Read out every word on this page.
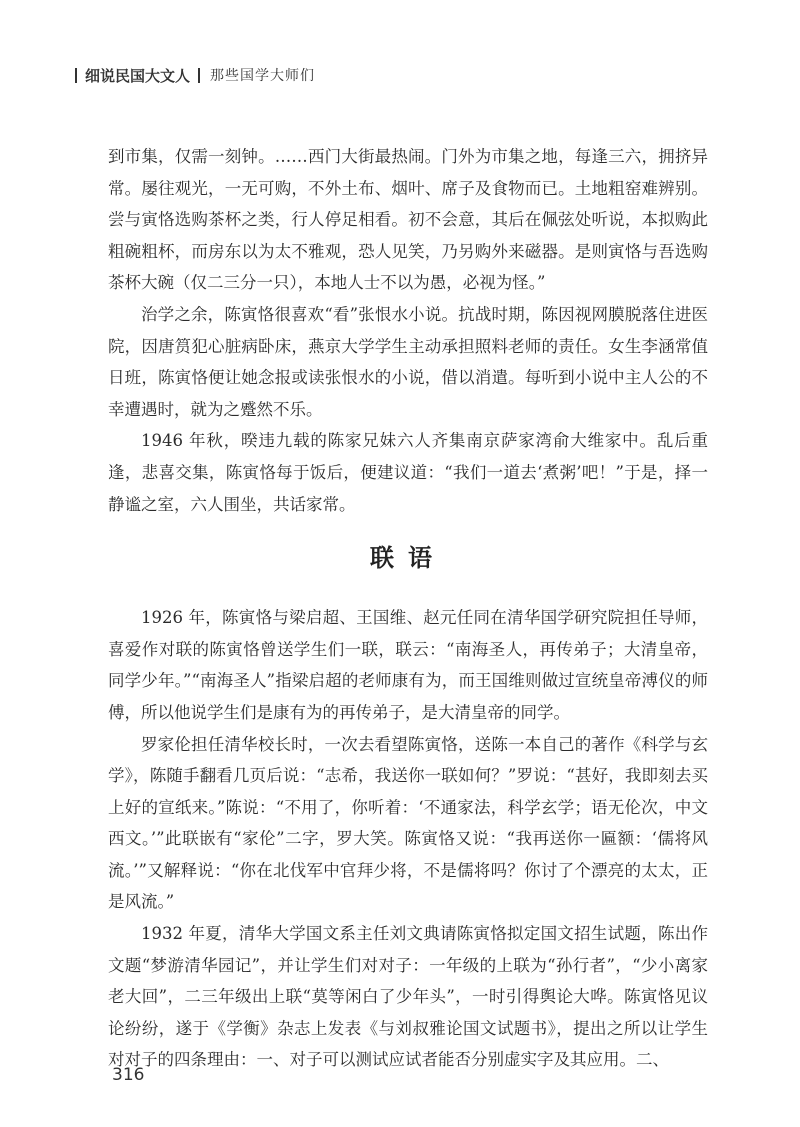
细说民国大文人 那些国学大师们

到市集，仅需一刻钟。……西门大街最热闹。门外为市集之地，每逢三六，拥挤异常。屡往观光，一无可购，不外土布、烟叶、席子及食物而已。土地粗窑难辨别。尝与寅恪选购茶杯之类，行人停足相看。初不会意，其后在佩弦处听说，本拟购此粗碗粗杯，而房东以为太不雅观，恐人见笑，乃另购外来磁器。是则寅恪与吾选购茶杯大碗（仅二三分一只），本地人士不以为愚，必视为怪。”

治学之余，陈寅恪很喜欢“看”张恨水小说。抗战时期，陈因视网膜脱落住进医院，因唐筼犯心脏病卧床，燕京大学学生主动承担照料老师的责任。女生李涵常值日班，陈寅恪便让她念报或读张恨水的小说，借以消遣。每听到小说中主人公的不幸遭遇时，就为之蹙然不乐。

1946 年秋，暌违九载的陈家兄妹六人齐集南京萨家湾俞大维家中。乱后重逢，悲喜交集，陈寅恪每于饭后，便建议道：“我们一道去‘煮粥’吧！”于是，择一静谧之室，六人围坐，共话家常。

联语

1926 年，陈寅恪与梁启超、王国维、赵元任同在清华国学研究院担任导师，喜爱作对联的陈寅恪曾送学生们一联，联云：“南海圣人，再传弟子；大清皇帝，同学少年。”“南海圣人”指梁启超的老师康有为，而王国维则做过宣统皇帝溥仪的师傅，所以他说学生们是康有为的再传弟子，是大清皇帝的同学。

罗家伦担任清华校长时，一次去看望陈寅恪，送陈一本自己的著作《科学与玄学》，陈随手翻看几页后说：“志希，我送你一联如何？”罗说：“甚好，我即刻去买上好的宣纸来。”陈说：“不用了，你听着：‘不通家法，科学玄学；语无伦次，中文西文。’”此联嵌有“家伦”二字，罗大笑。陈寅恪又说：“我再送你一匾额：‘儒将风流。’”又解释说：“你在北伐军中官拜少将，不是儒将吗？你讨了个漂亮的太太，正是风流。”

1932 年夏，清华大学国文系主任刘文典请陈寅恪拟定国文招生试题，陈出作文题“梦游清华园记”，并让学生们对对子：一年级的上联为“孙行者”，“少小离家老大回”，二三年级出上联“莫等闲白了少年头”，一时引得舆论大哗。陈寅恪见议论纷纷，遂于《学衡》杂志上发表《与刘叔雅论国文试题书》，提出之所以让学生对对子的四条理由：一、对子可以测试应试者能否分别虚实字及其应用。二、

316
